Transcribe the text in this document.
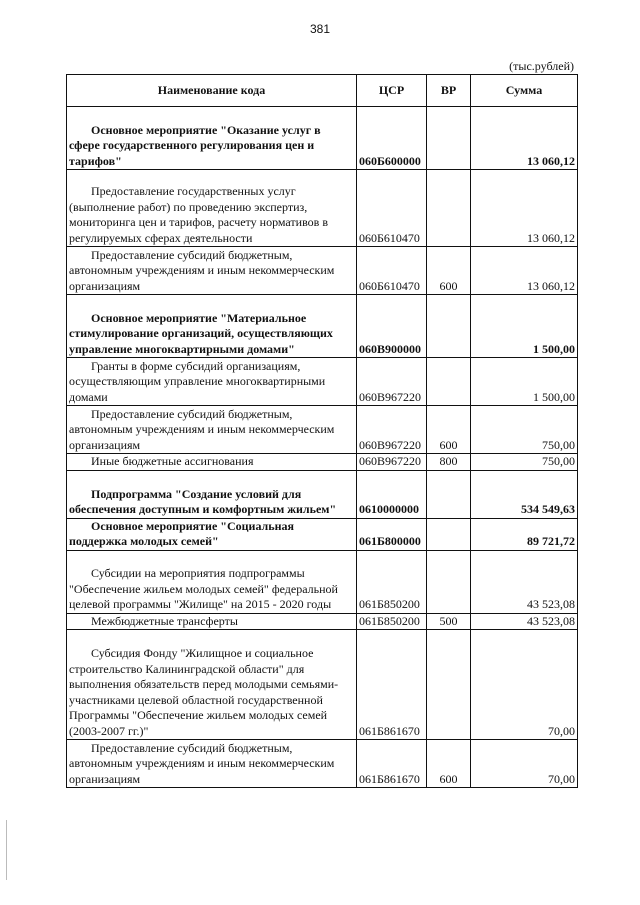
381
(тыс.рублей)
Наименование кода	ЦСР	ВР	Сумма
Основное мероприятие "Оказание услуг в сфере государственного регулирования цен и тарифов"	060Б600000		13 060,12
Предоставление государственных услуг (выполнение работ) по проведению экспертиз, мониторинга цен и тарифов, расчету нормативов в регулируемых сферах деятельности	060Б610470		13 060,12
Предоставление субсидий бюджетным, автономным учреждениям и иным некоммерческим организациям	060Б610470	600	13 060,12
Основное мероприятие "Материальное стимулирование организаций, осуществляющих управление многоквартирными домами"	060В900000		1 500,00
Гранты в форме субсидий организациям, осуществляющим управление многоквартирными домами	060В967220		1 500,00
Предоставление субсидий бюджетным, автономным учреждениям и иным некоммерческим организациям	060В967220	600	750,00
Иные бюджетные ассигнования	060В967220	800	750,00
Подпрограмма "Создание условий для обеспечения доступным и комфортным жильем"	0610000000		534 549,63
Основное мероприятие "Социальная поддержка молодых семей"	061Б800000		89 721,72
Субсидии на мероприятия подпрограммы "Обеспечение жильем молодых семей" федеральной целевой программы "Жилище" на 2015 - 2020 годы	061Б850200		43 523,08
Межбюджетные трансферты	061Б850200	500	43 523,08
Субсидия Фонду "Жилищное и социальное строительство Калининградской области" для выполнения обязательств перед молодыми семьями-участниками целевой областной государственной Программы "Обеспечение жильем молодых семей (2003-2007 гг.)"	061Б861670		70,00
Предоставление субсидий бюджетным, автономным учреждениям и иным некоммерческим организациям	061Б861670	600	70,00
